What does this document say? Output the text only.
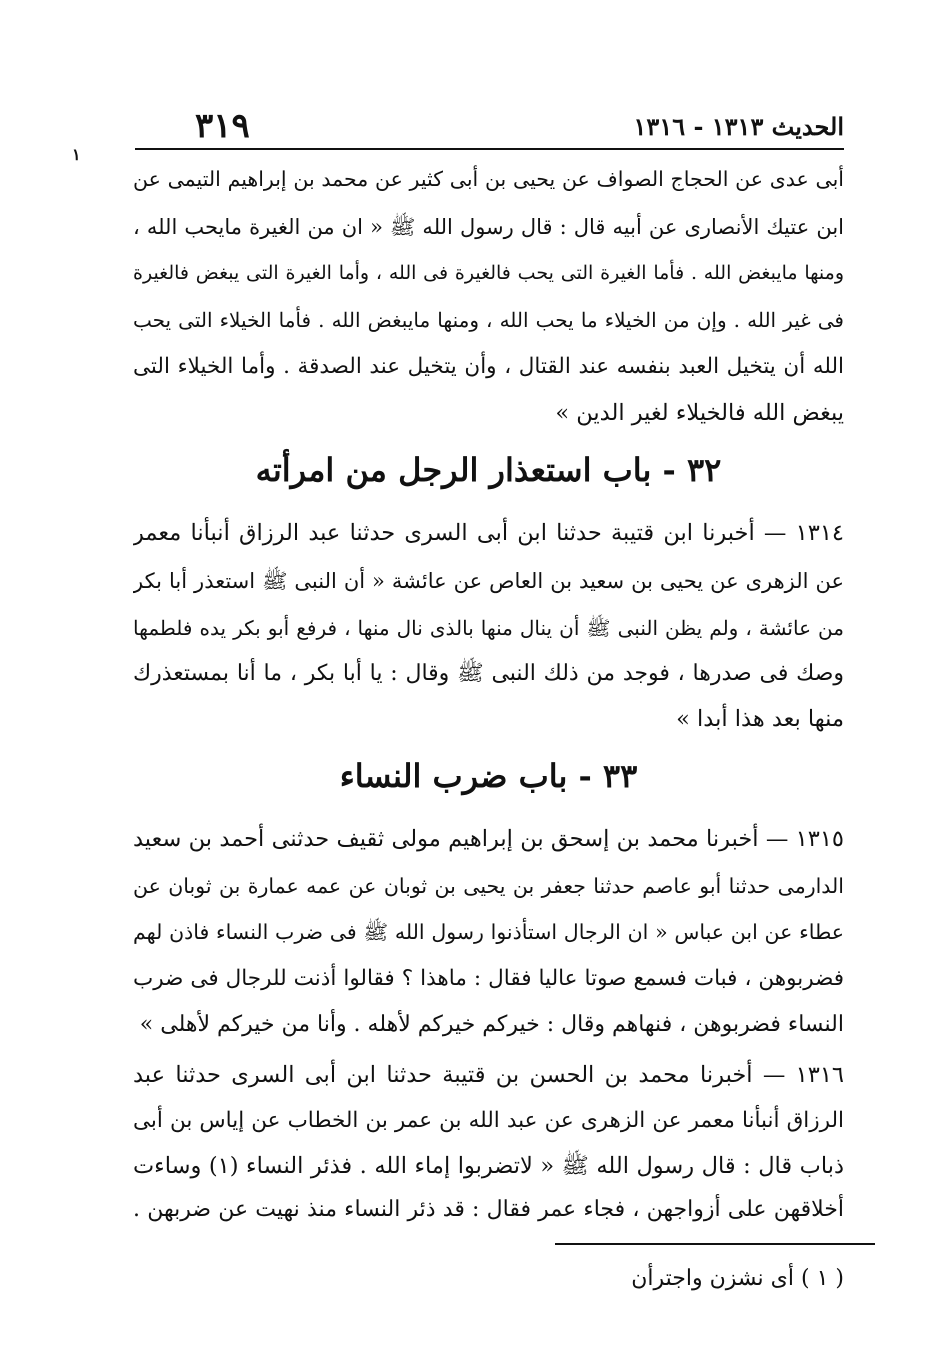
الحديث ١٣١٣ - ١٣١٦
٣١٩
١
أبى عدى عن الحجاج الصواف عن يحيى بن أبى كثير عن محمد بن إبراهيم التيمى عن
ابن عتيك الأنصارى عن أبيه قال : قال رسول الله ﷺ « ان من الغيرة مايحب الله ،
ومنها مايبغض الله . فأما الغيرة التى يحب فالغيرة فى الله ، وأما الغيرة التى يبغض فالغيرة
فى غير الله . وإن من الخيلاء ما يحب الله ، ومنها مايبغض الله . فأما الخيلاء التى يحب
الله أن يتخيل العبد بنفسه عند القتال ، وأن يتخيل عند الصدقة . وأما الخيلاء التى
يبغض الله فالخيلاء لغير الدين »
٣٢ - باب استعذار الرجل من امرأته
١٣١٤ — أخبرنا ابن قتيبة حدثنا ابن أبى السرى حدثنا عبد الرزاق أنبأنا معمر
عن الزهرى عن يحيى بن سعيد بن العاص عن عائشة « أن النبى ﷺ استعذر أبا بكر
من عائشة ، ولم يظن النبى ﷺ أن ينال منها بالذى نال منها ، فرفع أبو بكر يده فلطمها
وصك فى صدرها ، فوجد من ذلك النبى ﷺ وقال : يا أبا بكر ، ما أنا بمستعذرك
منها بعد هذا أبدا »
٣٣ - باب ضرب النساء
١٣١٥ — أخبرنا محمد بن إسحق بن إبراهيم مولى ثقيف حدثنى أحمد بن سعيد
الدارمى حدثنا أبو عاصم حدثنا جعفر بن يحيى بن ثوبان عن عمه عمارة بن ثوبان عن
عطاء عن ابن عباس « ان الرجال استأذنوا رسول الله ﷺ فى ضرب النساء فاذن لهم
فضربوهن ، فبات فسمع صوتا عاليا فقال : ماهذا ؟ فقالوا أذنت للرجال فى ضرب
النساء فضربوهن ، فنهاهم وقال : خيركم خيركم لأهله . وأنا من خيركم لأهلى »
١٣١٦ — أخبرنا محمد بن الحسن بن قتيبة حدثنا ابن أبى السرى حدثنا عبد
الرزاق أنبأنا معمر عن الزهرى عن عبد الله بن عمر بن الخطاب عن إياس بن أبى
ذباب قال : قال رسول الله ﷺ « لاتضربوا إماء الله . فذئر النساء (١) وساءت
أخلاقهن على أزواجهن ، فجاء عمر فقال : قد ذئر النساء منذ نهيت عن ضربهن .
( ١ ) أى نشزن واجترأن
